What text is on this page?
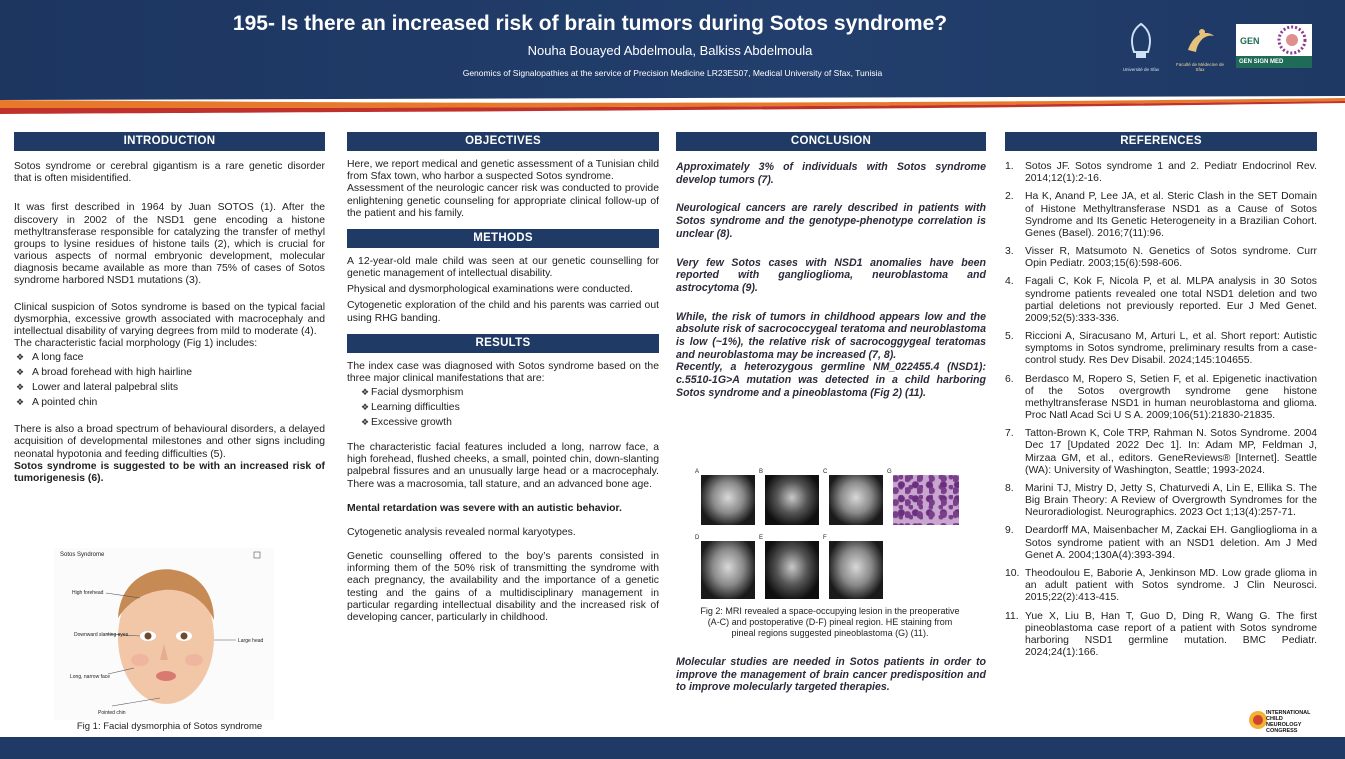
195- Is there an increased risk of brain tumors during Sotos syndrome?
Nouha Bouayed Abdelmoula, Balkiss Abdelmoula
Genomics of Signalopathies at the service of Precision Medicine LR23ES07, Medical University of Sfax, Tunisia	Université de Sfax
Faculté de Médecine de Sfax
GEN
GEN SIGN MED
INTRODUCTION

Sotos syndrome or cerebral gigantism is a rare genetic disorder that is often misidentified.

It was first described in 1964 by Juan SOTOS (1). After the discovery in 2002 of the NSD1 gene encoding a histone methyltransferase responsible for catalyzing the transfer of methyl groups to lysine residues of histone tails (2), which is crucial for various aspects of normal embryonic development, molecular diagnosis became available as more than 75% of cases of Sotos syndrome harbored NSD1 mutations (3).

Clinical suspicion of Sotos syndrome is based on the typical facial dysmorphia, excessive growth associated with macrocephaly and intellectual disability of varying degrees from mild to moderate (4).

The characteristic facial morphology (Fig 1) includes:

❖ A long face
❖ A broad forehead with high hairline
❖ Lower and lateral palpebral slits
❖ A pointed chin

There is also a broad spectrum of behavioural disorders, a delayed acquisition of developmental milestones and other signs including neonatal hypotonia and feeding difficulties (5).

Sotos syndrome is suggested to be with an increased risk of tumorigenesis (6).

Sotos Syndrome
High forehead
Downward slanting eyes
Long, narrow face
Pointed chin
Large head
Fig 1: Facial dysmorphia of Sotos syndrome
OBJECTIVES

Here, we report medical and genetic assessment of a Tunisian child from Sfax town, who harbor a suspected Sotos syndrome.

Assessment of the neurologic cancer risk was conducted to provide enlightening genetic counseling for appropriate clinical follow-up of the patient and his family.

METHODS

A 12-year-old male child was seen at our genetic counselling for genetic management of intellectual disability.

Physical and dysmorphological examinations were conducted.

Cytogenetic exploration of the child and his parents was carried out using RHG banding.

RESULTS

The index case was diagnosed with Sotos syndrome based on the three major clinical manifestations that are:

❖ Facial dysmorphism
❖ Learning difficulties
❖ Excessive growth

The characteristic facial features included a long, narrow face, a high forehead, flushed cheeks, a small, pointed chin, down-slanting palpebral fissures and an unusually large head or a macrocephaly. There was a macrosomia, tall stature, and an advanced bone age.

Mental retardation was severe with an autistic behavior.

Cytogenetic analysis revealed normal karyotypes.

Genetic counselling offered to the boy’s parents consisted in informing them of the 50% risk of transmitting the syndrome with each pregnancy, the availability and the importance of a genetic testing and the gains of a multidisciplinary management in particular regarding intellectual disability and the increased risk of developing cancer, particularly in childhood.

CONCLUSION

Approximately 3% of individuals with Sotos syndrome develop tumors (7).

Neurological cancers are rarely described in patients with Sotos syndrome and the genotype-phenotype correlation is unclear (8).

Very few Sotos cases with NSD1 anomalies have been reported with ganglioglioma, neuroblastoma and astrocytoma (9).

While, the risk of tumors in childhood appears low and the absolute risk of sacrococcygeal teratoma and neuroblastoma is low (~1%), the relative risk of sacrocoggygeal teratomas and neuroblastoma may be increased (7, 8).

Recently, a heterozygous germline NM_022455.4 (NSD1): c.5510-1G>A mutation was detected in a child harboring Sotos syndrome and a pineoblastoma (Fig 2) (11).

A	B	C	G
D	E	F
Fig 2: MRI revealed a space-occupying lesion in the preoperative (A-C) and postoperative (D-F) pineal region. HE staining from pineal regions suggested pineoblastoma (G) (11).

Molecular studies are needed in Sotos patients in order to improve the management of brain cancer predisposition and to improve molecularly targeted therapies.

REFERENCES
1.	Sotos JF. Sotos syndrome 1 and 2. Pediatr Endocrinol Rev. 2014;12(1):2-16.
2.	Ha K, Anand P, Lee JA, et al. Steric Clash in the SET Domain of Histone Methyltransferase NSD1 as a Cause of Sotos Syndrome and Its Genetic Heterogeneity in a Brazilian Cohort. Genes (Basel). 2016;7(11):96.
3.	Visser R, Matsumoto N. Genetics of Sotos syndrome. Curr Opin Pediatr. 2003;15(6):598-606.
4.	Fagali C, Kok F, Nicola P, et al. MLPA analysis in 30 Sotos syndrome patients revealed one total NSD1 deletion and two partial deletions not previously reported. Eur J Med Genet. 2009;52(5):333-336.
5.	Riccioni A, Siracusano M, Arturi L, et al. Short report: Autistic symptoms in Sotos syndrome, preliminary results from a case-control study. Res Dev Disabil. 2024;145:104655.
6.	Berdasco M, Ropero S, Setien F, et al. Epigenetic inactivation of the Sotos overgrowth syndrome gene histone methyltransferase NSD1 in human neuroblastoma and glioma. Proc Natl Acad Sci U S A. 2009;106(51):21830-21835.
7.	Tatton-Brown K, Cole TRP, Rahman N. Sotos Syndrome. 2004 Dec 17 [Updated 2022 Dec 1]. In: Adam MP, Feldman J, Mirzaa GM, et al., editors. GeneReviews® [Internet]. Seattle (WA): University of Washington, Seattle; 1993-2024.
8.	Marini TJ, Mistry D, Jetty S, Chaturvedi A, Lin E, Ellika S. The Big Brain Theory: A Review of Overgrowth Syndromes for the Neuroradiologist. Neurographics. 2023 Oct 1;13(4):257-71.
9.	Deardorff MA, Maisenbacher M, Zackai EH. Ganglioglioma in a Sotos syndrome patient with an NSD1 deletion. Am J Med Genet A. 2004;130A(4):393-394.
10. Theodoulou E, Baborie A, Jenkinson MD. Low grade glioma in an adult patient with Sotos syndrome. J Clin Neurosci. 2015;22(2):413-415.
11. Yue X, Liu B, Han T, Guo D, Ding R, Wang G. The first pineoblastoma case report of a patient with Sotos syndrome harboring NSD1 germline mutation. BMC Pediatr. 2024;24(1):166.
INTERNATIONAL CHILD
NEUROLOGY CONGRESS
